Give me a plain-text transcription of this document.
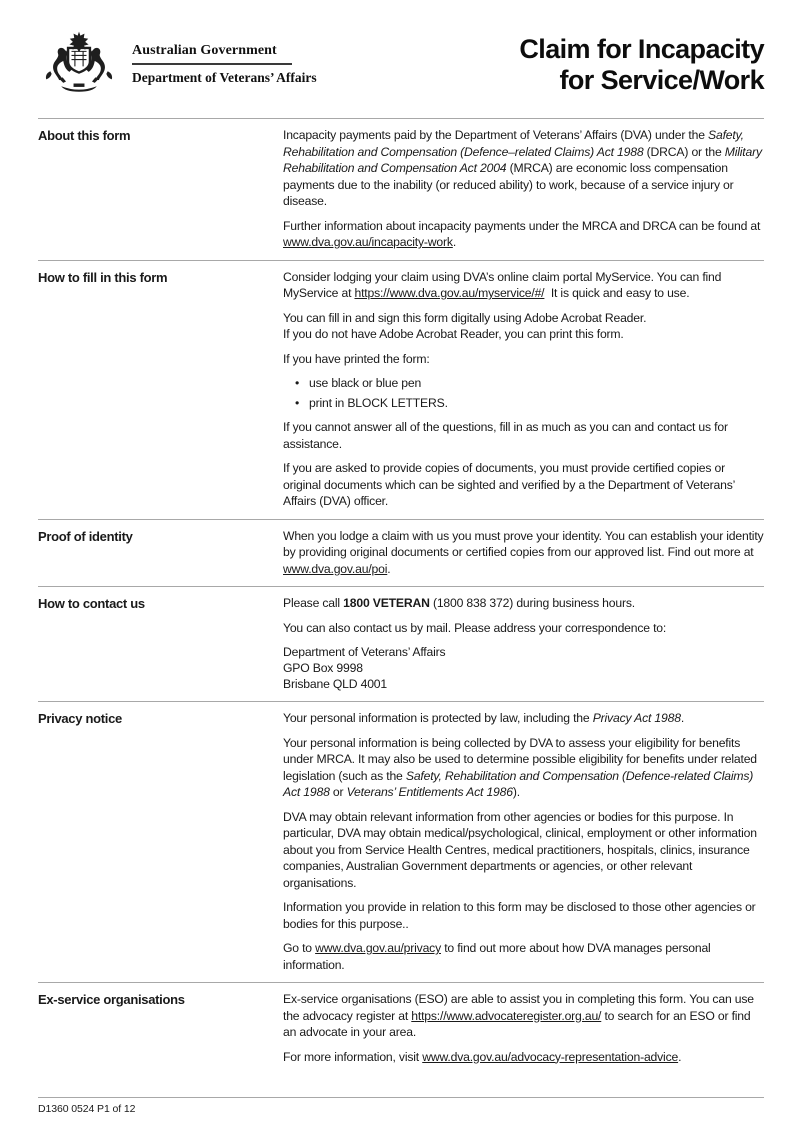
Australian Government
Department of Veterans’ Affairs
Claim for Incapacity
for Service/Work
About this form	Incapacity payments paid by the Department of Veterans’ Affairs (DVA) under the Safety, Rehabilitation and Compensation (Defence–related Claims) Act 1988 (DRCA) or the Military Rehabilitation and Compensation Act 2004 (MRCA) are economic loss compensation payments due to the inability (or reduced ability) to work, because of a service injury or disease.

Further information about incapacity payments under the MRCA and DRCA can be found at www.dva.gov.au/incapacity-work.

How to fill in this form	Consider lodging your claim using DVA’s online claim portal MyService. You can find MyService at https://www.dva.gov.au/myservice/#/  It is quick and easy to use.

You can fill in and sign this form digitally using Adobe Acrobat Reader.
If you do not have Adobe Acrobat Reader, you can print this form.

If you have printed the form:

• use black or blue pen
• print in BLOCK LETTERS.

If you cannot answer all of the questions, fill in as much as you can and contact us for assistance.

If you are asked to provide copies of documents, you must provide certified copies or original documents which can be sighted and verified by a the Department of Veterans’ Affairs (DVA) officer.

Proof of identity	When you lodge a claim with us you must prove your identity. You can establish your identity by providing original documents or certified copies from our approved list. Find out more at www.dva.gov.au/poi.

How to contact us	Please call 1800 VETERAN (1800 838 372) during business hours.

You can also contact us by mail. Please address your correspondence to:

Department of Veterans’ Affairs
GPO Box 9998
Brisbane QLD 4001

Privacy notice	Your personal information is protected by law, including the Privacy Act 1988.

Your personal information is being collected by DVA to assess your eligibility for benefits under MRCA. It may also be used to determine possible eligibility for benefits under related legislation (such as the Safety, Rehabilitation and Compensation (Defence-related Claims) Act 1988 or Veterans’ Entitlements Act 1986).

DVA may obtain relevant information from other agencies or bodies for this purpose. In particular, DVA may obtain medical/psychological, clinical, employment or other information about you from Service Health Centres, medical practitioners, hospitals, clinics, insurance companies, Australian Government departments or agencies, or other relevant organisations.

Information you provide in relation to this form may be disclosed to those other agencies or bodies for this purpose..

Go to www.dva.gov.au/privacy to find out more about how DVA manages personal information.

Ex-service organisations	Ex-service organisations (ESO) are able to assist you in completing this form. You can use the advocacy register at https://www.advocateregister.org.au/ to search for an ESO or find an advocate in your area.

For more information, visit www.dva.gov.au/advocacy-representation-advice.

D1360 0524 P1 of 12
